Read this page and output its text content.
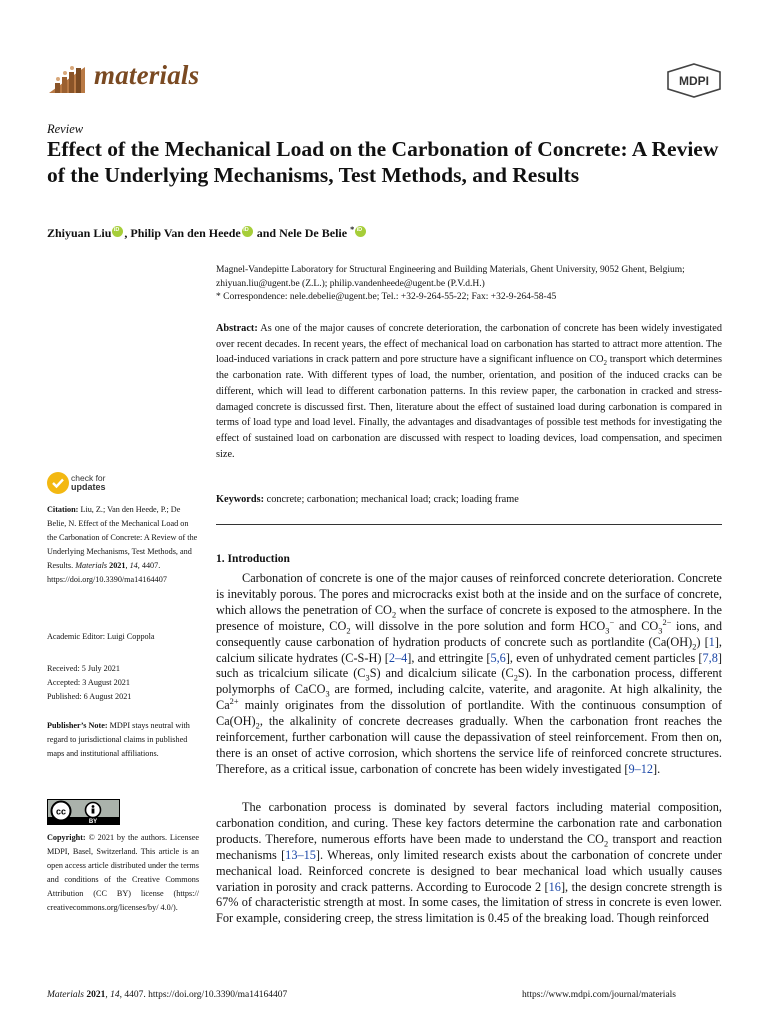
materials	MDPI
Review
Effect of the Mechanical Load on the Carbonation of Concrete: A Review of the Underlying Mechanisms, Test Methods, and Results
Zhiyuan LiuiD , Philip Van den HeedeiD and Nele De Belie *iD
Magnel-Vandepitte Laboratory for Structural Engineering and Building Materials, Ghent University, 9052 Ghent, Belgium; zhiyuan.liu@ugent.be (Z.L.); philip.vandenheede@ugent.be (P.V.d.H.)
* Correspondence: nele.debelie@ugent.be; Tel.: +32-9-264-55-22; Fax: +32-9-264-58-45
Abstract: As one of the major causes of concrete deterioration, the carbonation of concrete has been widely investigated over recent decades. In recent years, the effect of mechanical load on carbonation has started to attract more attention. The load-induced variations in crack pattern and pore structure have a significant influence on $CO_2$ transport which determines the carbonation rate. With different types of load, the number, orientation, and position of the induced cracks can be different, which will lead to different carbonation patterns. In this review paper, the carbonation in cracked and stress-damaged concrete is discussed first. Then, literature about the effect of sustained load during carbonation is compared in terms of load type and load level. Finally, the advantages and disadvantages of possible test methods for investigating the effect of sustained load on carbonation are discussed with respect to loading devices, load compensation, and specimen size.
Keywords: concrete; carbonation; mechanical load; crack; loading frame
check for
updates
Citation: Liu, Z.; Van den Heede, P.; De Belie, N. Effect of the Mechanical Load on the Carbonation of Concrete: A Review of the Underlying Mechanisms, Test Methods, and Results. Materials 2021, 14, 4407. https://doi.org/10.3390/ma14164407
Academic Editor: Luigi Coppola
Received: 5 July 2021
Accepted: 3 August 2021
Published: 6 August 2021
Publisher’s Note: MDPI stays neutral with regard to jurisdictional claims in published maps and institutional affiliations.
cc
BY
Copyright: © 2021 by the authors. Licensee MDPI, Basel, Switzerland. This article is an open access article distributed under the terms and conditions of the Creative Commons Attribution (CC BY) license (https:// creativecommons.org/licenses/by/ 4.0/).
1. Introduction
Carbonation of concrete is one of the major causes of reinforced concrete deterioration. Concrete is inevitably porous. The pores and microcracks exist both at the inside and on the surface of concrete, which allows the penetration of $CO_2$ when the surface of concrete is exposed to the atmosphere. In the presence of moisture, $CO_2$ will dissolve in the pore solution and form $HCO_3^-$ and $CO_3^{2-}$ ions, and consequently cause carbonation of hydration products of concrete such as portlandite $(Ca(OH)_2)$ [1], calcium silicate hydrates (C-S-H) [2–4], and ettringite [5,6], even of unhydrated cement particles [7,8] such as tricalcium silicate $(C_3S)$ and dicalcium silicate $(C_2S)$. In the carbonation process, different polymorphs of CaCO$_3$ are formed, including calcite, vaterite, and aragonite. At high alkalinity, the $Ca^{2+}$ mainly originates from the dissolution of portlandite. With the continuous consumption of $Ca(OH)_2$, the alkalinity of concrete decreases gradually. When the carbonation front reaches the reinforcement, further carbonation will cause the depassivation of steel reinforcement. From then on, there is an onset of active corrosion, which shortens the service life of reinforced concrete structures. Therefore, as a critical issue, carbonation of concrete has been widely investigated [9–12].
The carbonation process is dominated by several factors including material composition, carbonation condition, and curing. These key factors determine the carbonation rate and carbonation products. Therefore, numerous efforts have been made to understand the $CO_2$ transport and reaction mechanisms [13–15]. Whereas, only limited research exists about the carbonation of concrete under mechanical load. Reinforced concrete is designed to bear mechanical load which usually causes variation in porosity and crack patterns. According to Eurocode 2 [16], the design concrete strength is 67% of characteristic strength at most. In some cases, the limitation of stress in concrete is even lower. For example, considering creep, the stress limitation is 0.45 of the breaking load. Though reinforced
Materials 2021, 14, 4407. https://doi.org/10.3390/ma14164407	https://www.mdpi.com/journal/materials
